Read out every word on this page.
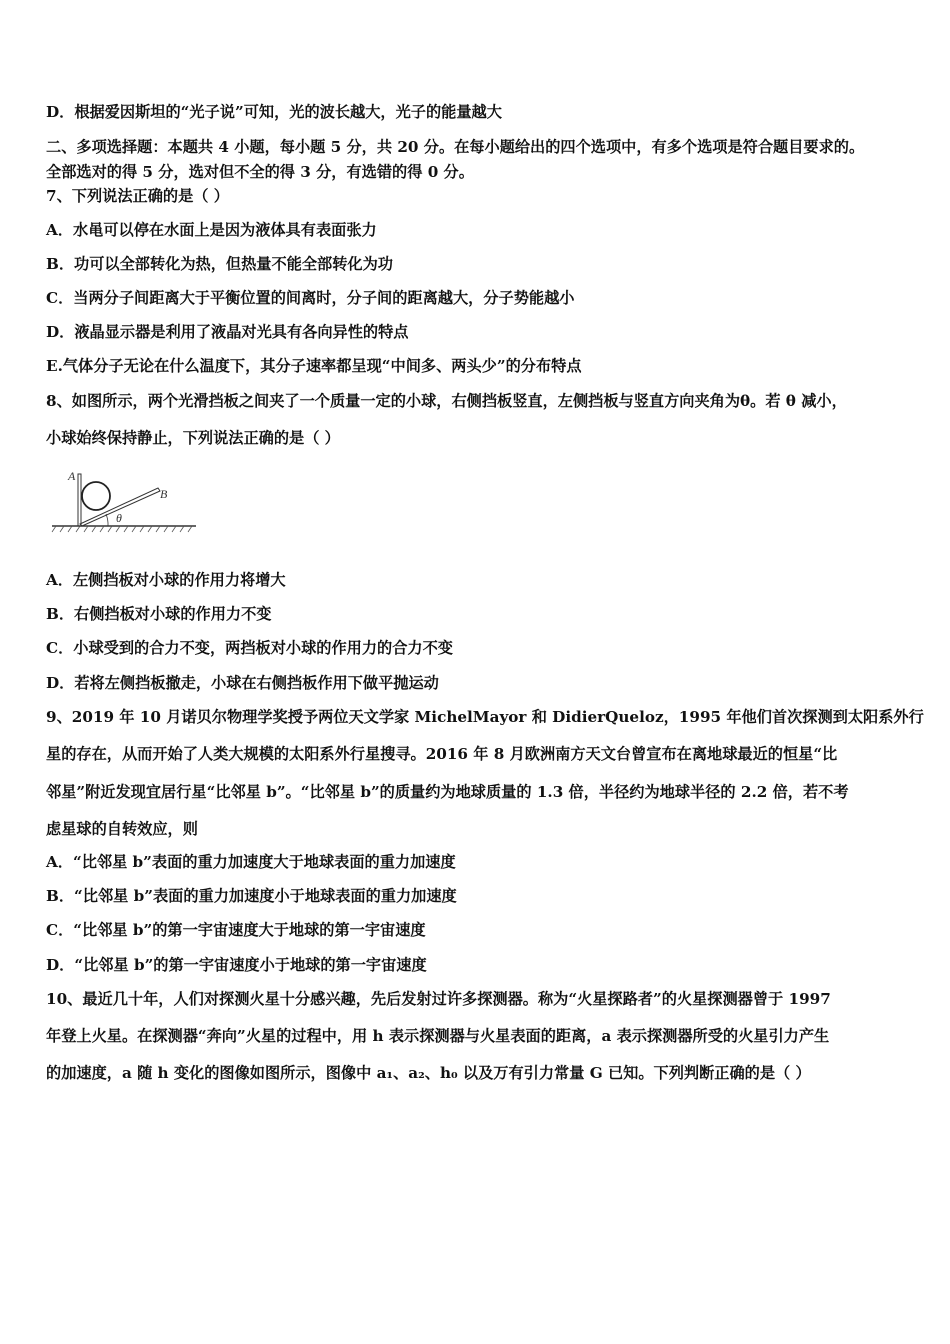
D．根据爱因斯坦的“光子说”可知，光的波长越大，光子的能量越大
二、多项选择题：本题共 4 小题，每小题 5 分，共 20 分。在每小题给出的四个选项中，有多个选项是符合题目要求的。
全部选对的得 5 分，选对但不全的得 3 分，有选错的得 0 分。
7、下列说法正确的是（ ）
A．水黾可以停在水面上是因为液体具有表面张力
B．功可以全部转化为热，但热量不能全部转化为功
C．当两分子间距离大于平衡位置的间离时，分子间的距离越大，分子势能越小
D．液晶显示器是利用了液晶对光具有各向异性的特点
E.气体分子无论在什么温度下，其分子速率都呈现“中间多、两头少”的分布特点
8、如图所示，两个光滑挡板之间夹了一个质量一定的小球，右侧挡板竖直，左侧挡板与竖直方向夹角为θ。若 θ 减小，
小球始终保持静止，下列说法正确的是（ ）
A
B
θ
A．左侧挡板对小球的作用力将增大
B．右侧挡板对小球的作用力不变
C．小球受到的合力不变，两挡板对小球的作用力的合力不变
D．若将左侧挡板撤走，小球在右侧挡板作用下做平抛运动
9、2019 年 10 月诺贝尔物理学奖授予两位天文学家 MichelMayor 和 DidierQueloz，1995 年他们首次探测到太阳系外行
星的存在，从而开始了人类大规模的太阳系外行星搜寻。2016 年 8 月欧洲南方天文台曾宣布在离地球最近的恒星“比
邻星”附近发现宜居行星“比邻星 b”。“比邻星 b”的质量约为地球质量的 1.3 倍，半径约为地球半径的 2.2 倍，若不考
虑星球的自转效应，则
A．“比邻星 b”表面的重力加速度大于地球表面的重力加速度
B．“比邻星 b”表面的重力加速度小于地球表面的重力加速度
C．“比邻星 b”的第一宇宙速度大于地球的第一宇宙速度
D．“比邻星 b”的第一宇宙速度小于地球的第一宇宙速度
10、最近几十年，人们对探测火星十分感兴趣，先后发射过许多探测器。称为“火星探路者”的火星探测器曾于 1997
年登上火星。在探测器“奔向”火星的过程中，用 h 表示探测器与火星表面的距离，a 表示探测器所受的火星引力产生
的加速度，a 随 h 变化的图像如图所示，图像中 a₁、a₂、h₀ 以及万有引力常量 G 已知。下列判断正确的是（ ）
